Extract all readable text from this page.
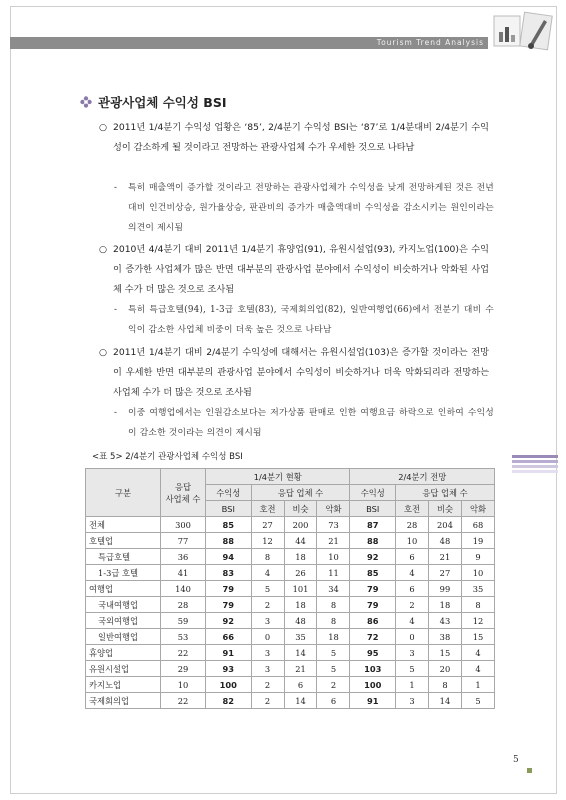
Tourism Trend Analysis
관광사업체 수익성 BSI
○ 2011년 1/4분기 수익성 업황은 ‘85’, 2/4분기 수익성 BSI는 ‘87’로 1/4분대비 2/4분기 수익성이 감소하게 될 것이라고 전망하는 관광사업체 수가 우세한 것으로 나타남
-	특히 매출액이 증가할 것이라고 전망하는 관광사업체가 수익성을 낮게 전망하게된 것은 전년대비 인건비상승, 원가율상승, 판관비의 증가가 매출액대비 수익성을 감소시키는 원인이라는 의견이 제시됨
○ 2010년 4/4분기 대비 2011년 1/4분기 휴양업(91), 유원시설업(93), 카지노업(100)은 수익이 증가한 사업체가 많은 반면 대부분의 관광사업 분야에서 수익성이 비슷하거나 악화된 사업체 수가 더 많은 것으로 조사됨
-	특히 특급호텔(94), 1-3급 호텔(83), 국제회의업(82), 일반여행업(66)에서 전분기 대비 수익이 감소한 사업체 비중이 더욱 높은 것으로 나타남
○ 2011년 1/4분기 대비 2/4분기 수익성에 대해서는 유원시설업(103)은 증가할 것이라는 전망이 우세한 반면 대부분의 관광사업 분야에서 수익성이 비슷하거나 더욱 악화되리라 전망하는 사업체 수가 더 많은 것으로 조사됨
-	이중 여행업에서는 인원감소보다는 저가상품 판매로 인한 여행요금 하락으로 인하여 수익성이 감소한 것이라는 의견이 제시됨
<표 5> 2/4분기 관광사업체 수익성 BSI
구분	응답
사업체 수	1/4분기 현황				2/4분기 전망			
		수익성	응답 업체 수			수익성	응답 업체 수		
		BSI	호전	비슷	악화	BSI	호전	비슷	악화
전체	300	85	27	200	73	87	28	204	68
호텔업	77	88	12	44	21	88	10	48	19
특급호텔	36	94	8	18	10	92	6	21	9
1-3급 호텔	41	83	4	26	11	85	4	27	10
여행업	140	79	5	101	34	79	6	99	35
국내여행업	28	79	2	18	8	79	2	18	8
국외여행업	59	92	3	48	8	86	4	43	12
일반여행업	53	66	0	35	18	72	0	38	15
휴양업	22	91	3	14	5	95	3	15	4
유원시설업	29	93	3	21	5	103	5	20	4
카지노업	10	100	2	6	2	100	1	8	1
국제회의업	22	82	2	14	6	91	3	14	5
5
